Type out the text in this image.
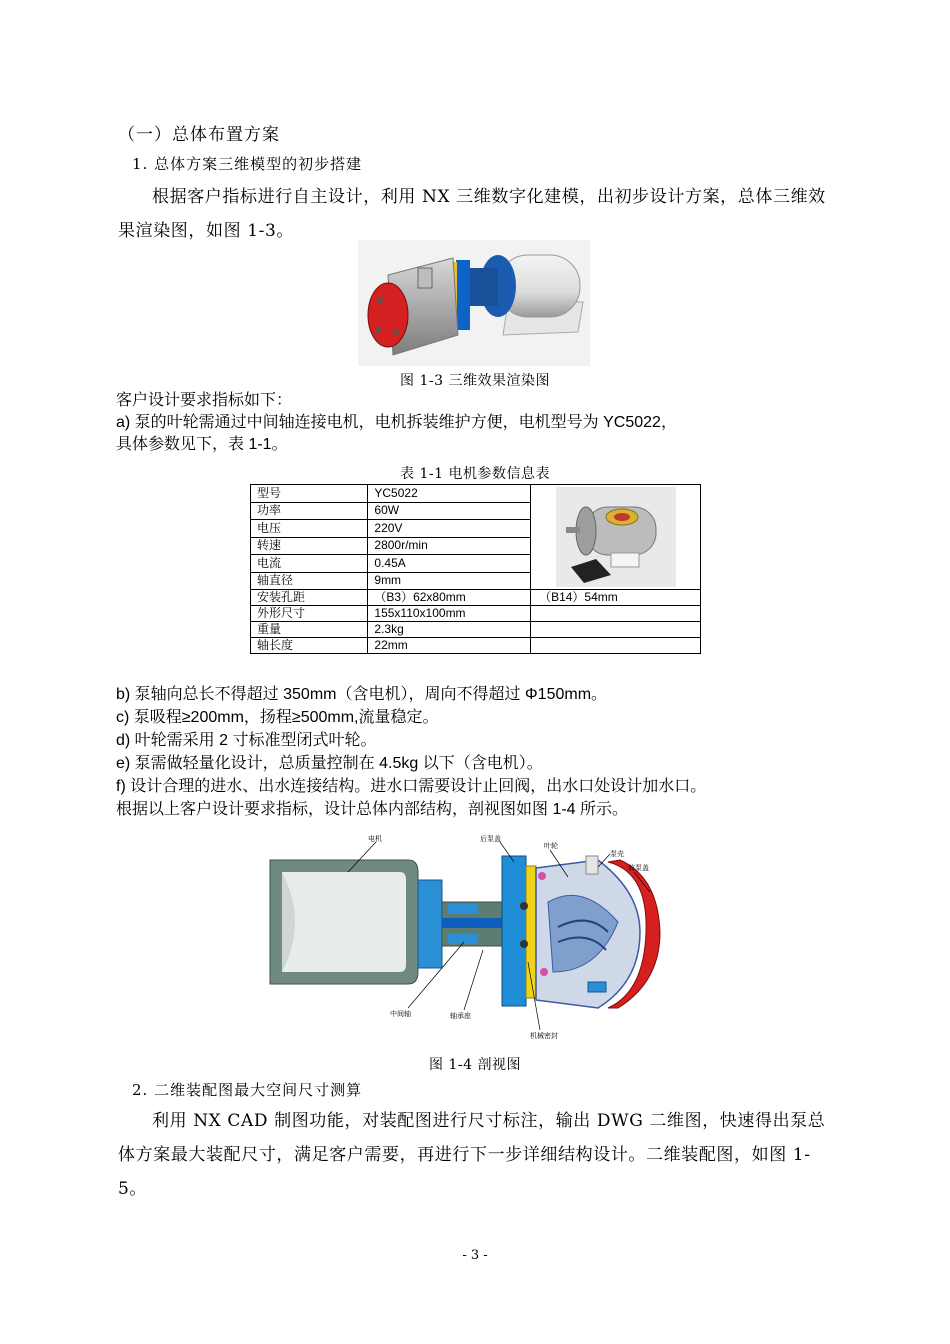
（一）总体布置方案
1. 总体方案三维模型的初步搭建
根据客户指标进行自主设计，利用 NX 三维数字化建模，出初步设计方案，总体三维效果渲染图，如图 1-3。
图 1-3 三维效果渲染图
客户设计要求指标如下：
a) 泵的叶轮需通过中间轴连接电机，电机拆装维护方便，电机型号为 YC5022，
具体参数见下，表 1-1。
表 1-1 电机参数信息表
型号	YC5022	

功率	60W	
电压	220V	
转速	2800r/min	
电流	0.45A	
轴直径	9mm	
安装孔距	（B3）62x80mm	（B14）54mm
外形尺寸	155x110x100mm	
重量	2.3kg	
轴长度	22mm	
b) 泵轴向总长不得超过 350mm（含电机），周向不得超过 Φ150mm。
c) 泵吸程≥200mm，扬程≥500mm,流量稳定。
d) 叶轮需采用 2 寸标准型闭式叶轮。
e) 泵需做轻量化设计，总质量控制在 4.5kg 以下（含电机）。
f) 设计合理的进水、出水连接结构。进水口需要设计止回阀，出水口处设计加水口。
根据以上客户设计要求指标，设计总体内部结构，剖视图如图 1-4 所示。
电机	后泵盖
叶轮
泵壳
前泵盖
中间轴	轴承座
机械密封
图 1-4 剖视图
2. 二维装配图最大空间尺寸测算
利用 NX CAD 制图功能，对装配图进行尺寸标注，输出 DWG 二维图，快速得出泵总体方案最大装配尺寸，满足客户需要，再进行下一步详细结构设计。二维装配图，如图 1-5。
- 3 -
